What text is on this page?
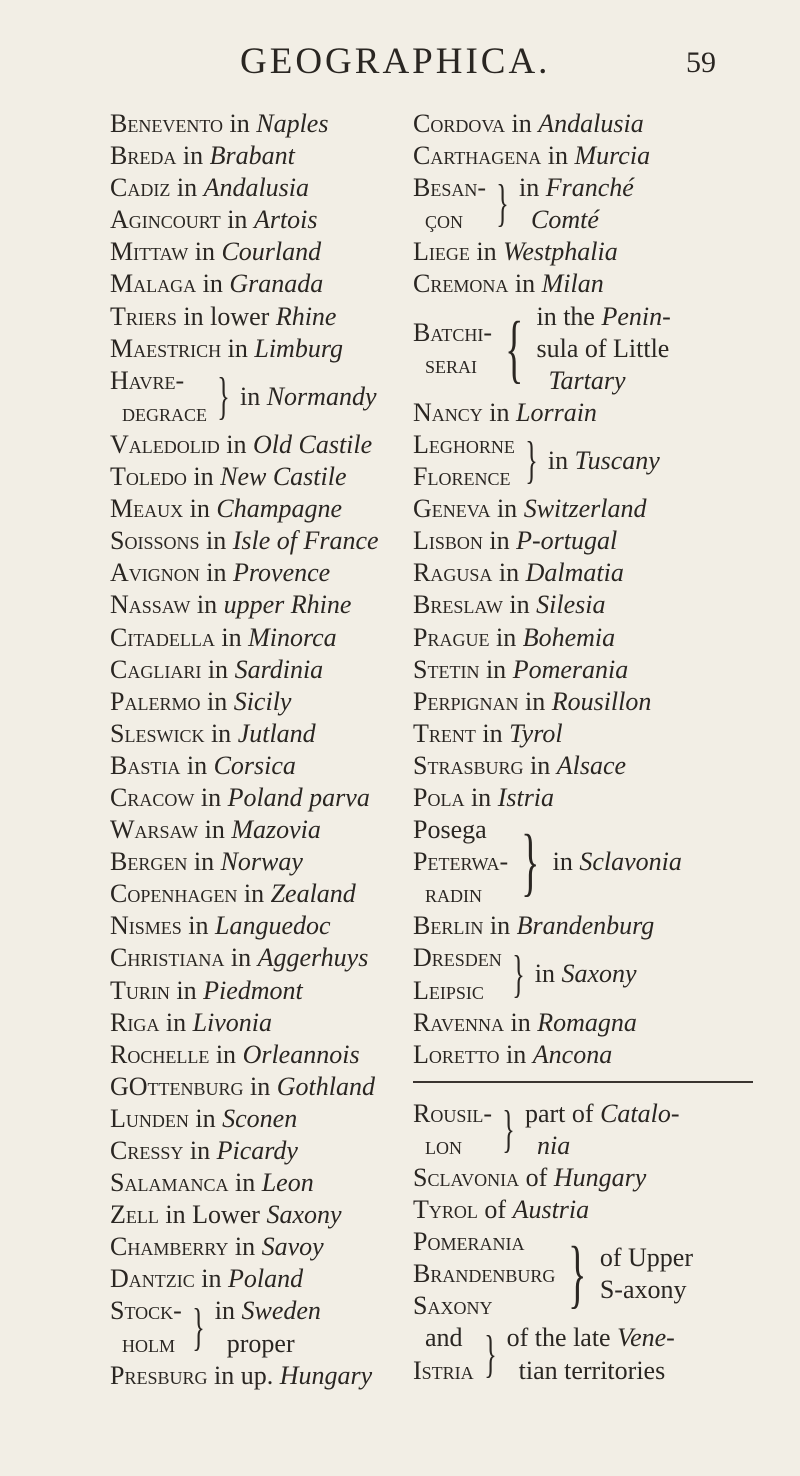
GEOGRAPHICA.	59
Benevento in Naples
Breda in Brabant
Cadiz in Andalusia
Agincourt in Artois
Mittaw in Courland
Malaga in Granada
Triers in lower Rhine
Maestrich in Limburg
Havre-
degrace } in Normandy
Valedolid in Old Castile
Toledo in New Castile
Meaux in Champagne
Soissons in Isle of France
Avignon in Provence
Nassaw in upper Rhine
Citadella in Minorca
Cagliari in Sardinia
Palermo in Sicily
Sleswick in Jutland
Bastia in Corsica
Cracow in Poland parva
Warsaw in Mazovia
Bergen in Norway
Copenhagen in Zealand
Nismes in Languedoc
Christiana in Aggerhuys
Turin in Piedmont
Riga in Livonia
Rochelle in Orleannois
GOttenburg in Gothland
Lunden in Sconen
Cressy in Picardy
Salamanca in Leon
Zell in Lower Saxony
Chamberry in Savoy
Dantzic in Poland
Stock-
holm } in Sweden
proper
Presburg in up. Hungary
Cordova in Andalusia
Carthagena in Murcia
Besan-
çon } in Franché
Comté
Liege in Westphalia
Cremona in Milan
Batchi-
serai { in the Penin-
sula of Little
Tartary
Nancy in Lorrain
Leghorne
Florence } in Tuscany
Geneva in Switzerland
Lisbon in P-ortugal
Ragusa in Dalmatia
Breslaw in Silesia
Prague in Bohemia
Stetin in Pomerania
Perpignan in Rousillon
Trent in Tyrol
Strasburg in Alsace
Pola in Istria
Posega
Peterwa-
radin } in Sclavonia
Berlin in Brandenburg
Dresden
Leipsic } in Saxony
Ravenna in Romagna
Loretto in Ancona
Rousil-
lon } part of Catalo-
nia
Sclavonia of Hungary
Tyrol of Austria
Pomerania
Brandenburg
Saxony	} of Upper
S-axony
and
Istria } of the late Vene-
tian territories
